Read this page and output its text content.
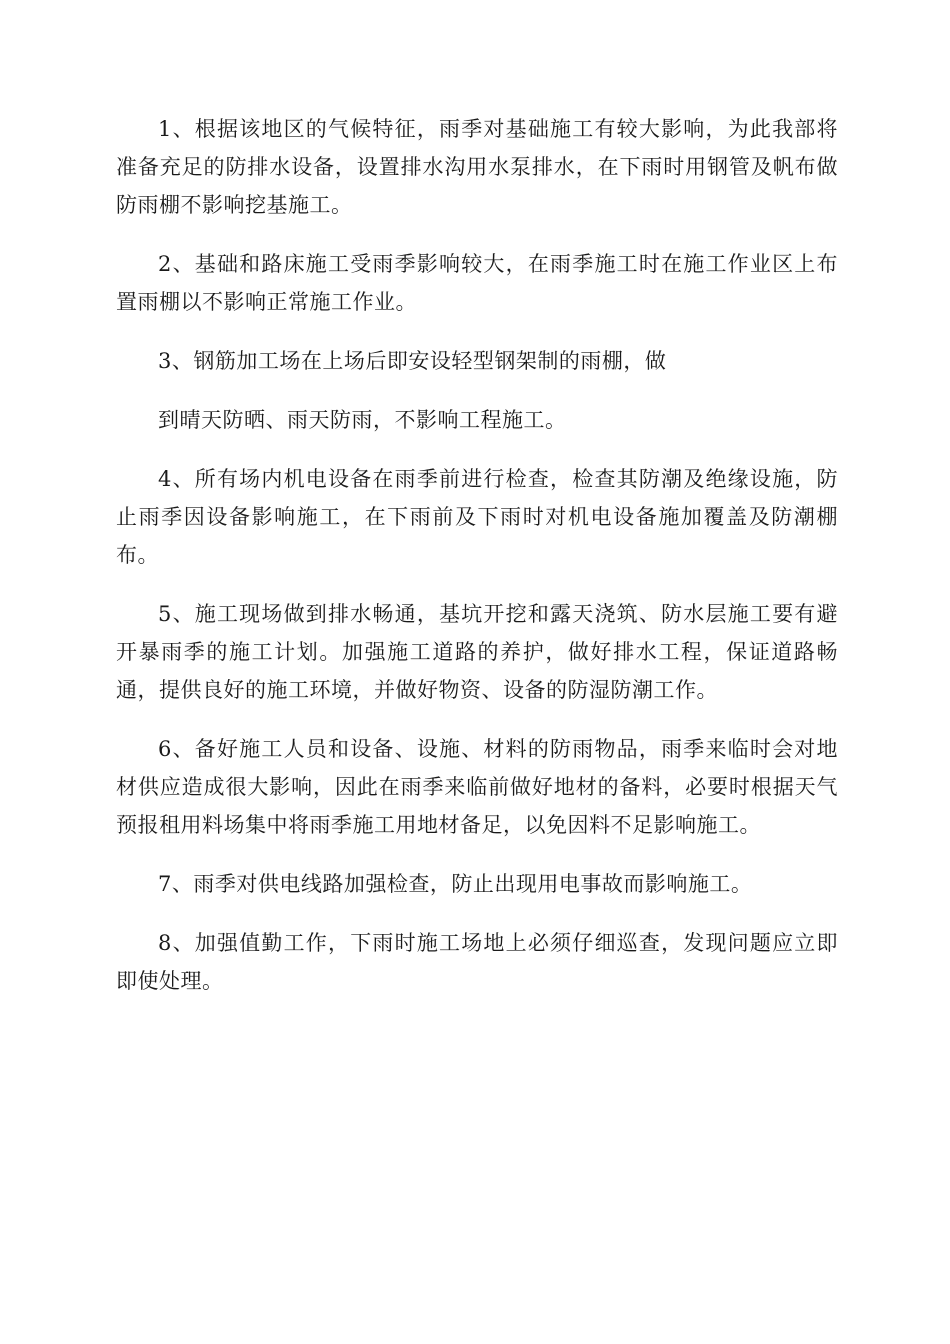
1、根据该地区的气候特征，雨季对基础施工有较大影响，为此我部将准备充足的防排水设备，设置排水沟用水泵排水，在下雨时用钢管及帆布做防雨棚不影响挖基施工。

2、基础和路床施工受雨季影响较大，在雨季施工时在施工作业区上布置雨棚以不影响正常施工作业。

3、钢筋加工场在上场后即安设轻型钢架制的雨棚，做

到晴天防晒、雨天防雨，不影响工程施工。

4、所有场内机电设备在雨季前进行检查，检查其防潮及绝缘设施，防止雨季因设备影响施工，在下雨前及下雨时对机电设备施加覆盖及防潮棚布。

5、施工现场做到排水畅通，基坑开挖和露天浇筑、防水层施工要有避开暴雨季的施工计划。加强施工道路的养护，做好排水工程，保证道路畅通，提供良好的施工环境，并做好物资、设备的防湿防潮工作。

6、备好施工人员和设备、设施、材料的防雨物品，雨季来临时会对地材供应造成很大影响，因此在雨季来临前做好地材的备料，必要时根据天气预报租用料场集中将雨季施工用地材备足，以免因料不足影响施工。

7、雨季对供电线路加强检查，防止出现用电事故而影响施工。

8、加强值勤工作，下雨时施工场地上必须仔细巡查，发现问题应立即即使处理。
